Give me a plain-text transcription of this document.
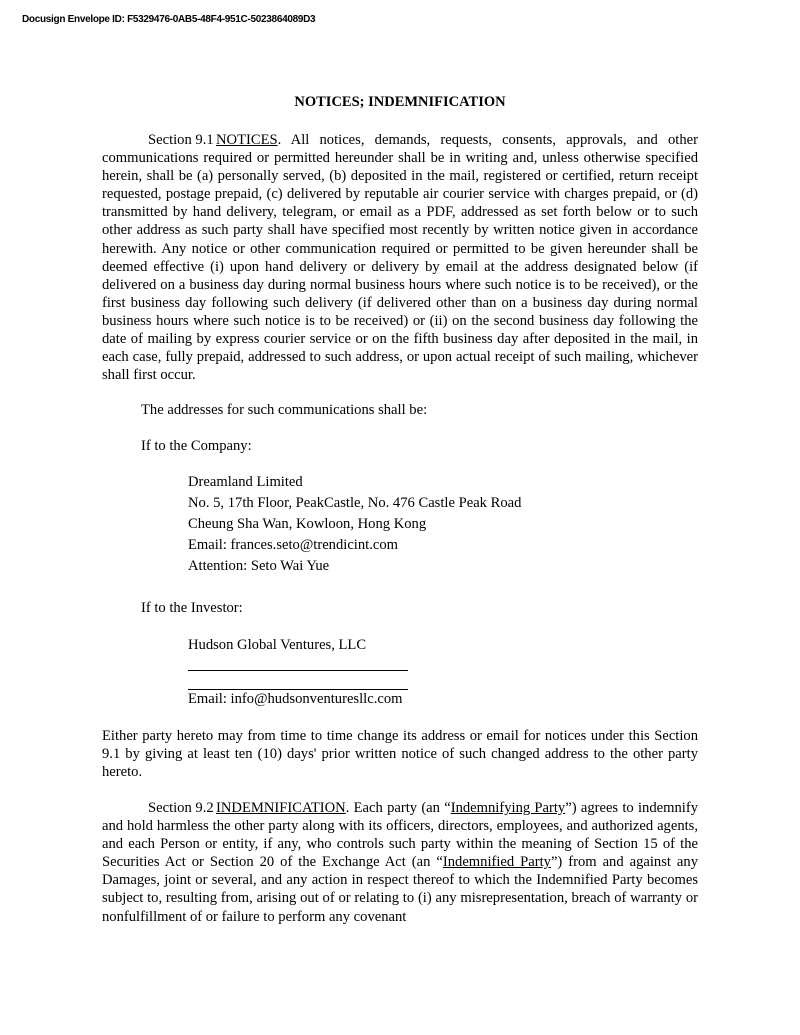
Docusign Envelope ID: F5329476-0AB5-48F4-951C-5023864089D3
NOTICES; INDEMNIFICATION
Section 9.1 NOTICES. All notices, demands, requests, consents, approvals, and other communications required or permitted hereunder shall be in writing and, unless otherwise specified herein, shall be (a) personally served, (b) deposited in the mail, registered or certified, return receipt requested, postage prepaid, (c) delivered by reputable air courier service with charges prepaid, or (d) transmitted by hand delivery, telegram, or email as a PDF, addressed as set forth below or to such other address as such party shall have specified most recently by written notice given in accordance herewith. Any notice or other communication required or permitted to be given hereunder shall be deemed effective (i) upon hand delivery or delivery by email at the address designated below (if delivered on a business day during normal business hours where such notice is to be received), or the first business day following such delivery (if delivered other than on a business day during normal business hours where such notice is to be received) or (ii) on the second business day following the date of mailing by express courier service or on the fifth business day after deposited in the mail, in each case, fully prepaid, addressed to such address, or upon actual receipt of such mailing, whichever shall first occur.
The addresses for such communications shall be:
If to the Company:
Dreamland Limited
No. 5, 17th Floor, PeakCastle, No. 476 Castle Peak Road
Cheung Sha Wan, Kowloon, Hong Kong
Email: frances.seto@trendicint.com
Attention: Seto Wai Yue
If to the Investor:
Hudson Global Ventures, LLC
Email: info@hudsonventuresllc.com
Either party hereto may from time to time change its address or email for notices under this Section 9.1 by giving at least ten (10) days' prior written notice of such changed address to the other party hereto.
Section 9.2 INDEMNIFICATION. Each party (an “Indemnifying Party”) agrees to indemnify and hold harmless the other party along with its officers, directors, employees, and authorized agents, and each Person or entity, if any, who controls such party within the meaning of Section 15 of the Securities Act or Section 20 of the Exchange Act (an “Indemnified Party”) from and against any Damages, joint or several, and any action in respect thereof to which the Indemnified Party becomes subject to, resulting from, arising out of or relating to (i) any misrepresentation, breach of warranty or nonfulfillment of or failure to perform any covenant
